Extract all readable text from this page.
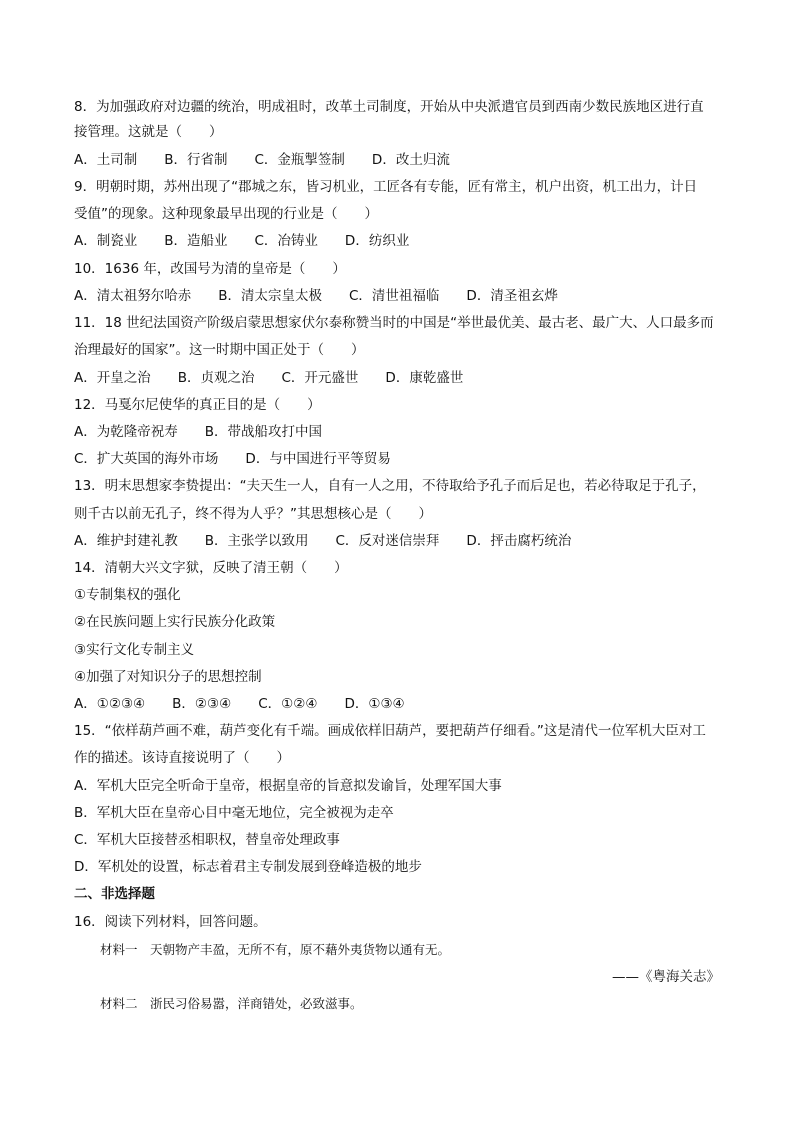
8．为加强政府对边疆的统治，明成祖时，改革土司制度，开始从中央派遣官员到西南少数民族地区进行直
接管理。这就是（　　）
A．土司制　　B．行省制　　C．金瓶掣签制　　D．改土归流
9．明朝时期，苏州出现了“郡城之东，皆习机业，工匠各有专能，匠有常主，机户出资，机工出力，计日
受值”的现象。这种现象最早出现的行业是（　　）
A．制瓷业　　B．造船业　　C．冶铸业　　D．纺织业
10．1636 年，改国号为清的皇帝是（　　）
A．清太祖努尔哈赤　　B．清太宗皇太极　　C．清世祖福临　　D．清圣祖玄烨
11．18 世纪法国资产阶级启蒙思想家伏尔泰称赞当时的中国是“举世最优美、最古老、最广大、人口最多而
治理最好的国家”。这一时期中国正处于（　　）
A．开皇之治　　B．贞观之治　　C．开元盛世　　D．康乾盛世
12．马戛尔尼使华的真正目的是（　　）
A．为乾隆帝祝寿　　B．带战船攻打中国
C．扩大英国的海外市场　　D．与中国进行平等贸易
13．明末思想家李贽提出：“夫天生一人，自有一人之用，不待取给予孔子而后足也，若必待取足于孔子，
则千古以前无孔子，终不得为人乎？”其思想核心是（　　）
A．维护封建礼教　　B．主张学以致用　　C．反对迷信崇拜　　D．抨击腐朽统治
14．清朝大兴文字狱，反映了清王朝（　　）
①专制集权的强化
②在民族问题上实行民族分化政策
③实行文化专制主义
④加强了对知识分子的思想控制
A．①②③④　　B．②③④　　C．①②④　　D．①③④
15．“依样葫芦画不难，葫芦变化有千端。画成依样旧葫芦，要把葫芦仔细看。”这是清代一位军机大臣对工
作的描述。该诗直接说明了（　　）
A．军机大臣完全听命于皇帝，根据皇帝的旨意拟发谕旨，处理军国大事
B．军机大臣在皇帝心目中毫无地位，完全被视为走卒
C．军机大臣接替丞相职权，替皇帝处理政事
D．军机处的设置，标志着君主专制发展到登峰造极的地步
二、非选择题
16．阅读下列材料，回答问题。
材料一　天朝物产丰盈，无所不有，原不藉外夷货物以通有无。
——《粤海关志》
材料二　浙民习俗易嚣，洋商错处，必致滋事。
